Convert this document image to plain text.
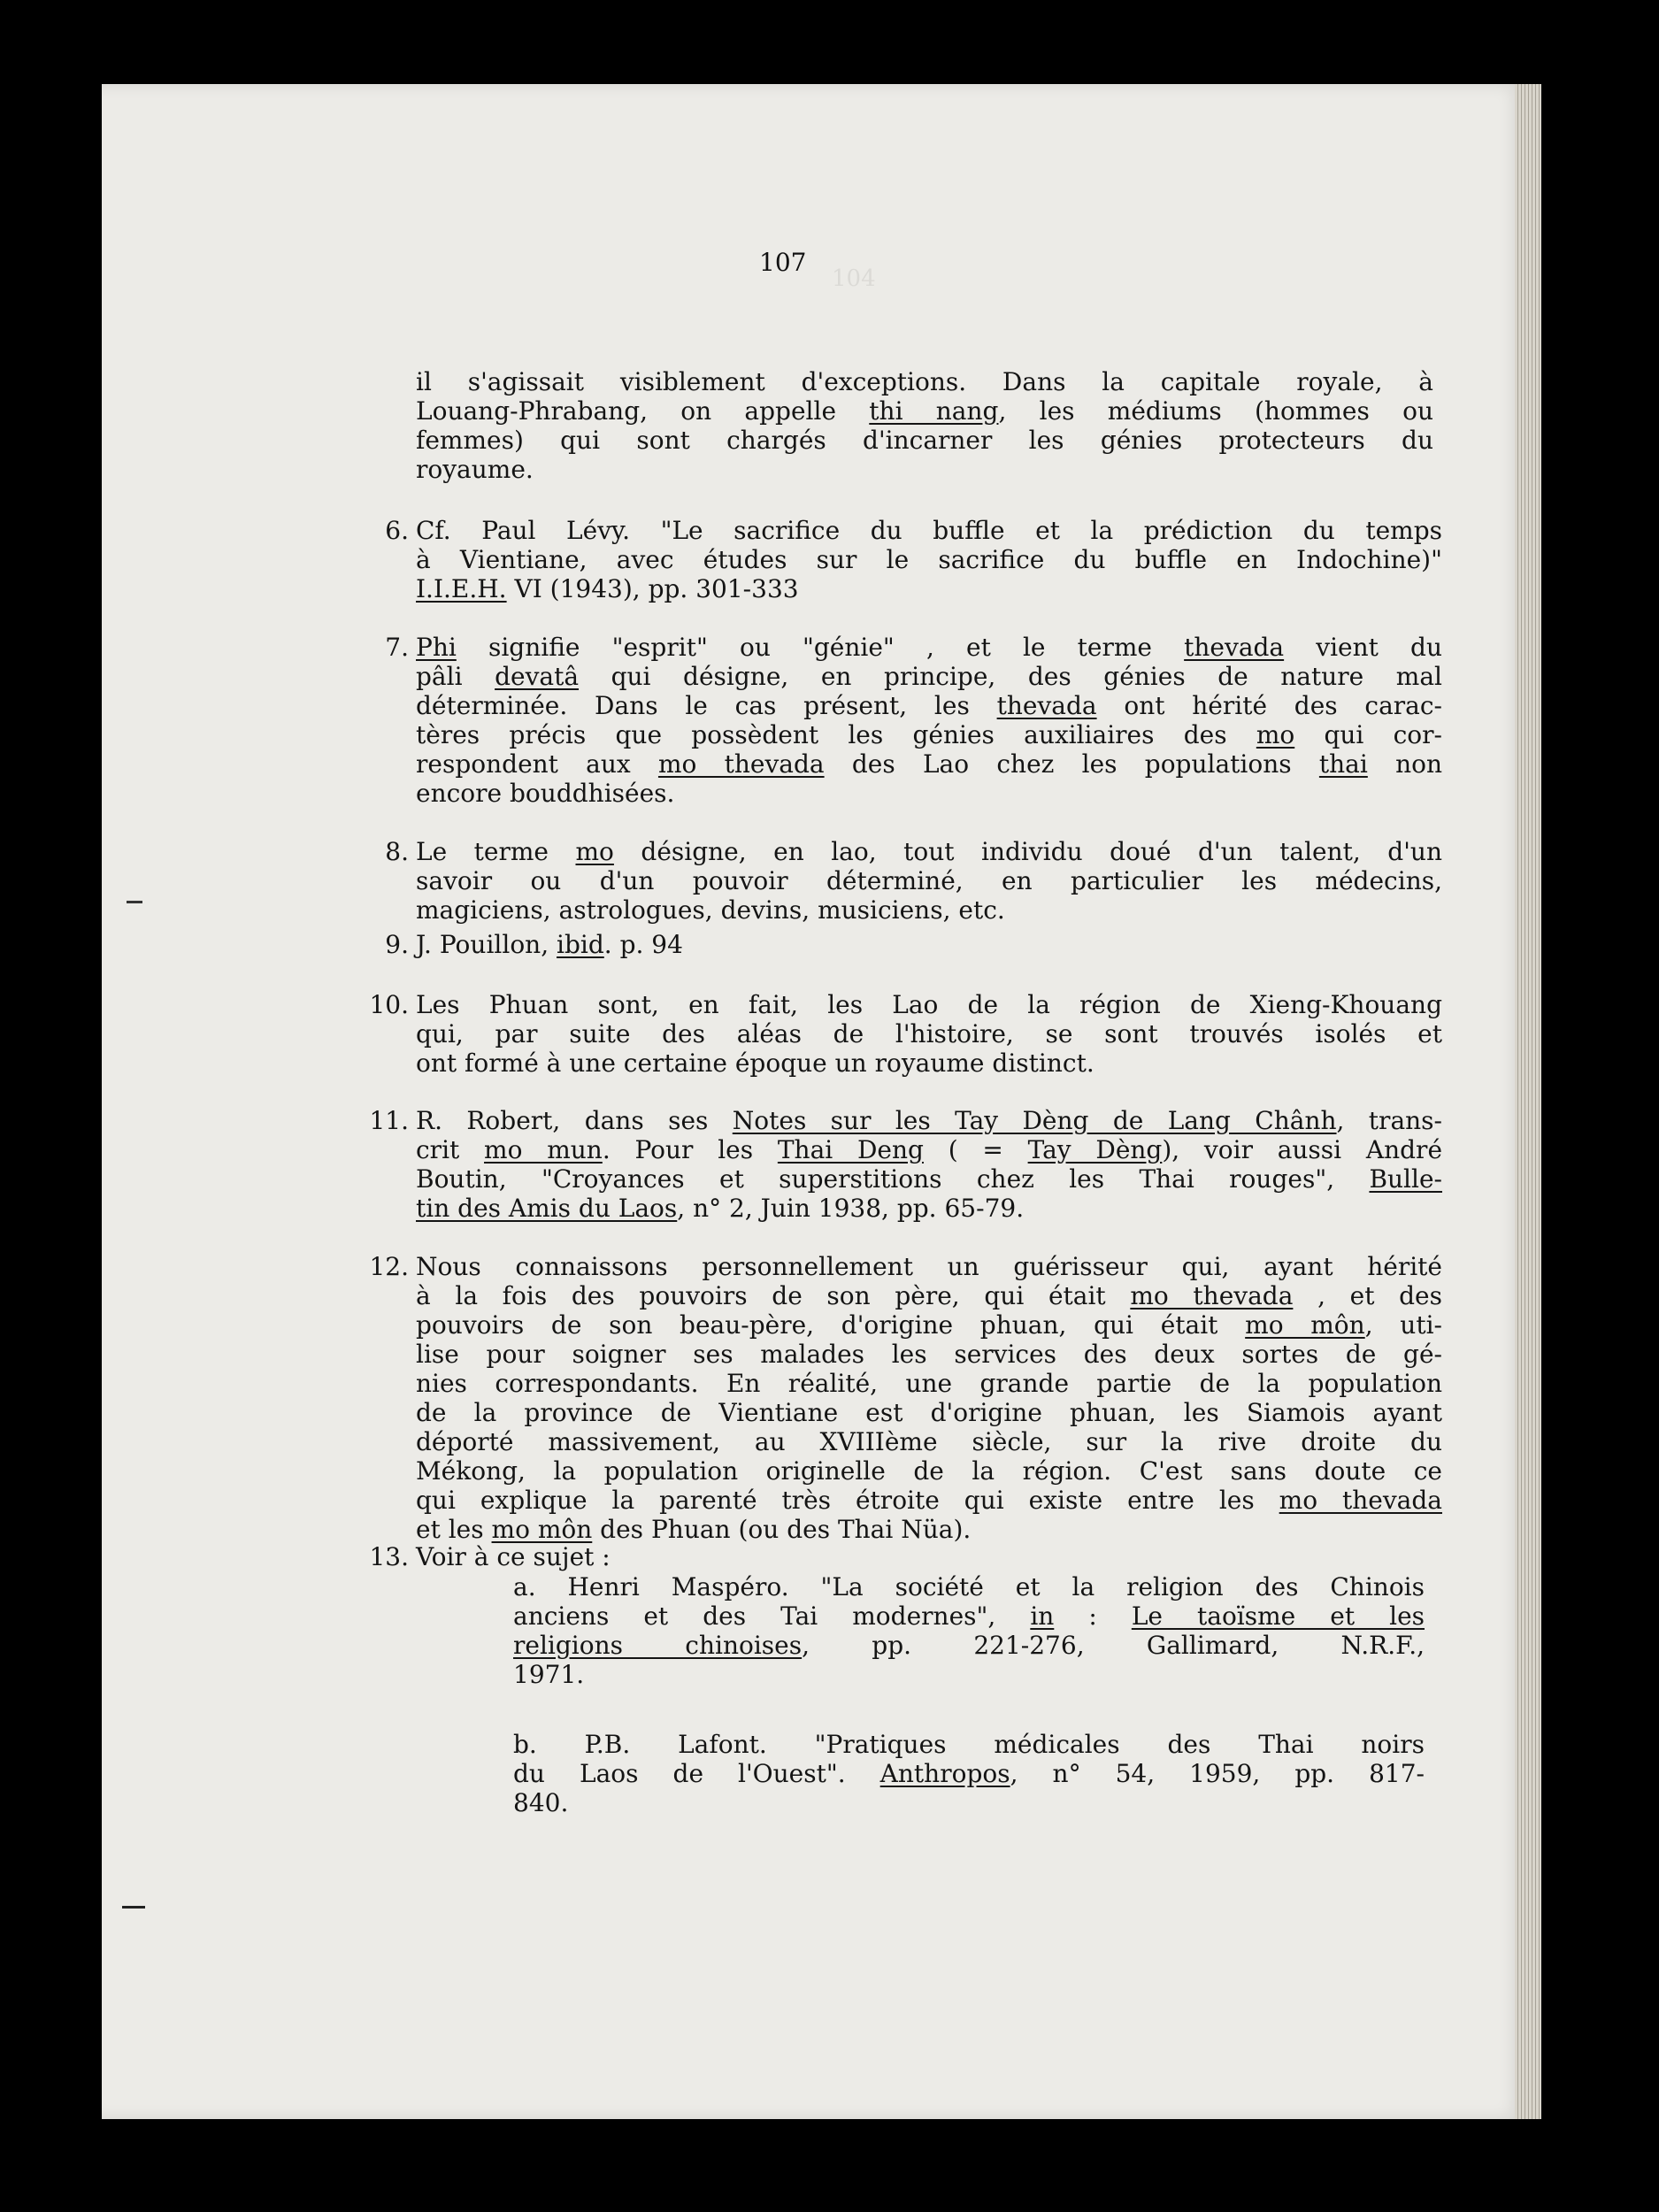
104
107
il s'agissait visiblement d'exceptions. Dans la capitale royale, à
Louang-Phrabang, on appelle thi nang, les médiums (hommes ou
femmes) qui sont chargés d'incarner les génies protecteurs du
royaume.
6. Cf. Paul Lévy. "Le sacrifice du buffle et la prédiction du temps
à Vientiane, avec études sur le sacrifice du buffle en Indochine)"
I.I.E.H. VI (1943), pp. 301-333
7. Phi signifie "esprit" ou "génie" , et le terme thevada vient du
pâli devatâ qui désigne, en principe, des génies de nature mal
déterminée. Dans le cas présent, les thevada ont hérité des carac-
tères précis que possèdent les génies auxiliaires des mo qui cor-
respondent aux mo thevada des Lao chez les populations thai non
encore bouddhisées.
8. Le terme mo désigne, en lao, tout individu doué d'un talent, d'un
savoir ou d'un pouvoir déterminé, en particulier les médecins,
magiciens, astrologues, devins, musiciens, etc.
9. J. Pouillon, ibid. p. 94
10. Les Phuan sont, en fait, les Lao de la région de Xieng-Khouang
qui, par suite des aléas de l'histoire, se sont trouvés isolés et
ont formé à une certaine époque un royaume distinct.
11. R. Robert, dans ses Notes sur les Tay Dèng de Lang Chânh, trans-
crit mo mun. Pour les Thai Deng ( = Tay Dèng), voir aussi André
Boutin, "Croyances et superstitions chez les Thai rouges", Bulle-
tin des Amis du Laos, n° 2, Juin 1938, pp. 65-79.
12. Nous connaissons personnellement un guérisseur qui, ayant hérité
à la fois des pouvoirs de son père, qui était mo thevada , et des
pouvoirs de son beau-père, d'origine phuan, qui était mo môn, uti-
lise pour soigner ses malades les services des deux sortes de gé-
nies correspondants. En réalité, une grande partie de la population
de la province de Vientiane est d'origine phuan, les Siamois ayant
déporté massivement, au XVIIIème siècle, sur la rive droite du
Mékong, la population originelle de la région. C'est sans doute ce
qui explique la parenté très étroite qui existe entre les mo thevada
et les mo môn des Phuan (ou des Thai Nüa).
13. Voir à ce sujet :
a. Henri Maspéro. "La société et la religion des Chinois
anciens et des Tai modernes", in : Le taoïsme et les
religions chinoises, pp. 221-276, Gallimard, N.R.F.,
1971.
b. P.B. Lafont. "Pratiques médicales des Thai noirs
du Laos de l'Ouest". Anthropos, n° 54, 1959, pp. 817-
840.
